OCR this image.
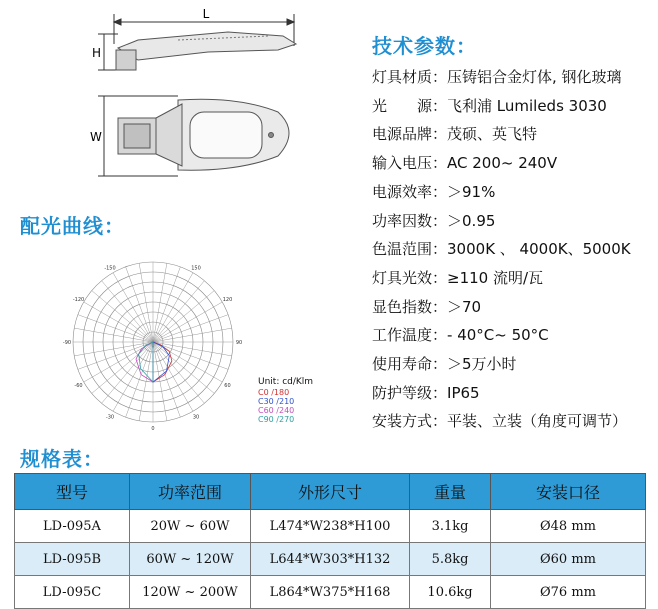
L
H
W
技术参数：
灯具材质：压铸铝合金灯体, 钢化玻璃
光　　源：飞利浦 Lumileds 3030
电源品牌：茂硕、英飞特
输入电压：AC 200~ 240V
电源效率：＞91%
功率因数：＞0.95
色温范围：3000K 、 4000K、5000K
灯具光效：≥110 流明/瓦
显色指数：＞70
工作温度：- 40°C~ 50°C
使用寿命：＞5万小时
防护等级：IP65
安装方式：平装、立装（角度可调节）
配光曲线：
-150	150
-120	120
-90	90
-60	60
-30	30
0
Unit: cd/Klm
C0 /180
C30 /210
C60 /240
C90 /270
规格表：
型号	功率范围	外形尺寸	重量	安装口径
LD-095A	20W ~ 60W	L474*W238*H100	3.1kg	Ø48 mm
LD-095B	60W ~ 120W	L644*W303*H132	5.8kg	Ø60 mm
LD-095C	120W ~ 200W	L864*W375*H168	10.6kg	Ø76 mm
